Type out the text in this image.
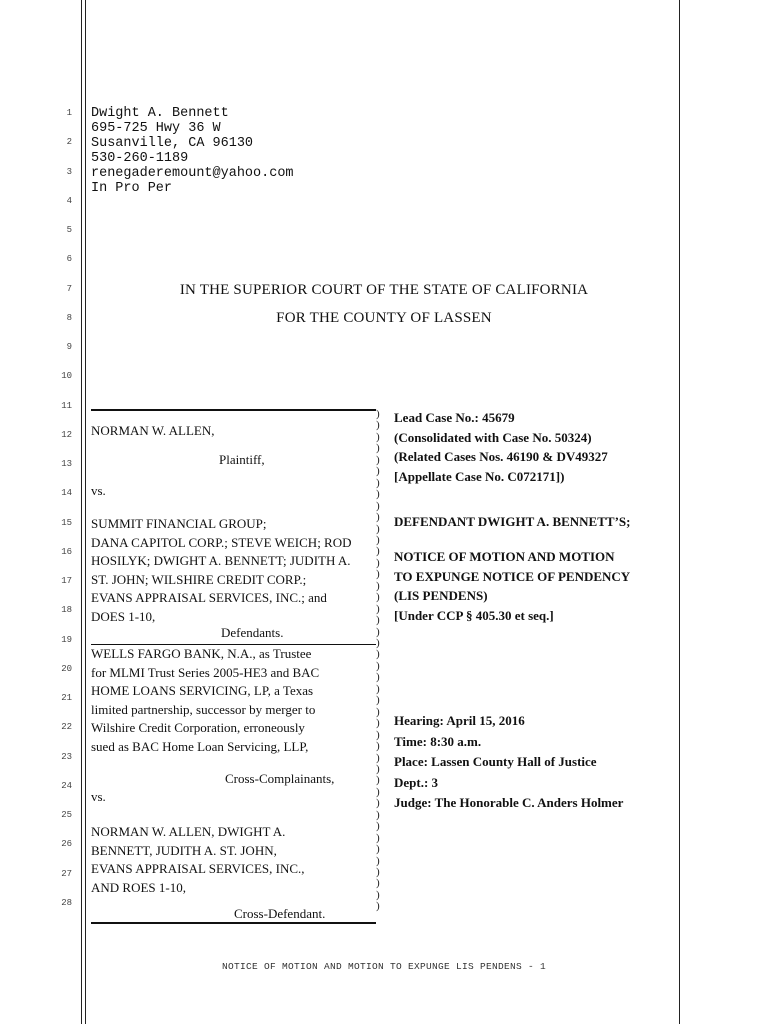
1
2
3
4
5
6
7
8
9
10
11
12
13
14
15
16
17
18
19
20
21
22
23
24
25
26
27
28
Dwight A. Bennett
695-725 Hwy 36 W
Susanville, CA 96130
530-260-1189
renegaderemount@yahoo.com
In Pro Per
IN THE SUPERIOR COURT OF THE STATE OF CALIFORNIA
FOR THE COUNTY OF LASSEN
NORMAN W. ALLEN,
Plaintiff,
vs.
SUMMIT FINANCIAL GROUP;
DANA CAPITOL CORP.; STEVE WEICH; ROD
HOSILYK; DWIGHT A. BENNETT; JUDITH A.
ST. JOHN; WILSHIRE CREDIT CORP.;
EVANS APPRAISAL SERVICES, INC.; and
DOES 1-10,
Defendants.
WELLS FARGO BANK, N.A., as Trustee
for MLMI Trust Series 2005-HE3 and BAC
HOME LOANS SERVICING, LP, a Texas
limited partnership, successor by merger to
Wilshire Credit Corporation, erroneously
sued as BAC Home Loan Servicing, LLP,
Cross-Complainants,
vs.
NORMAN W. ALLEN, DWIGHT A.
BENNETT, JUDITH A. ST. JOHN,
EVANS APPRAISAL SERVICES, INC.,
AND ROES 1-10,
Cross-Defendant.
)
)
)
)
)
)
)
)
)
)
)
)
)
)
)
)
)
)
)
)
)
)
)
)
)
)
)
)
)
)
)
)
)
)
)
)
)
)
)
)
)
)
)
)
Lead Case No.: 45679
(Consolidated with Case No. 50324)
(Related Cases Nos. 46190 & DV49327
[Appellate Case No. C072171])
DEFENDANT DWIGHT A. BENNETT’S;
NOTICE OF MOTION AND MOTION
TO EXPUNGE NOTICE OF PENDENCY
(LIS PENDENS)
[Under CCP § 405.30 et seq.]
Hearing: April 15, 2016
Time: 8:30 a.m.
Place: Lassen County Hall of Justice
Dept.: 3
Judge: The Honorable C. Anders Holmer
NOTICE OF MOTION AND MOTION TO EXPUNGE LIS PENDENS - 1
